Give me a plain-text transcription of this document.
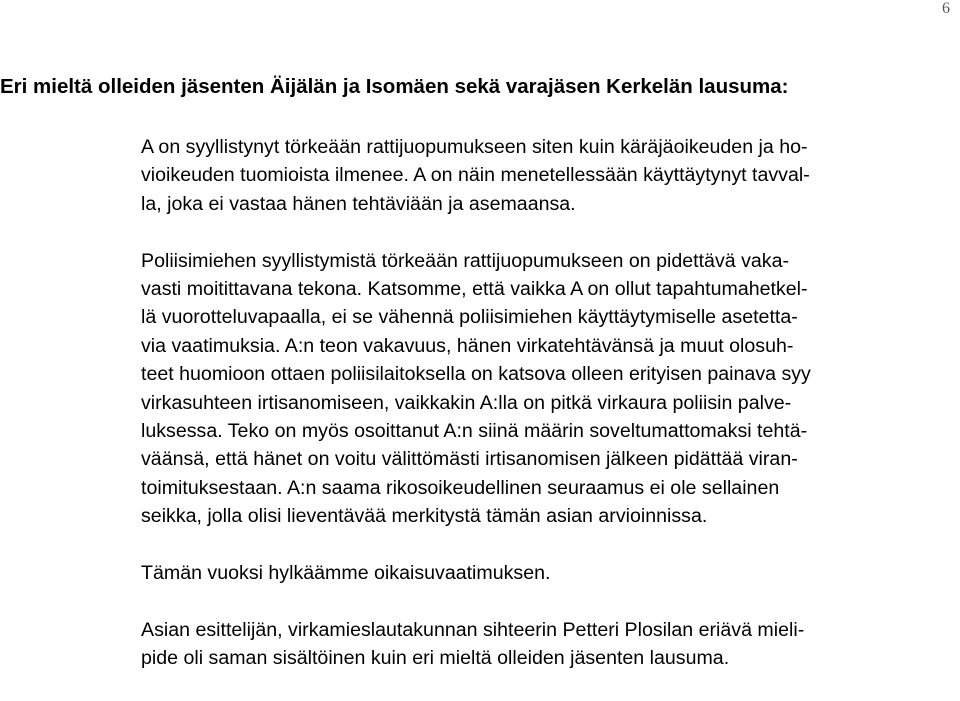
6
Eri mieltä olleiden jäsenten Äijälän ja Isomäen sekä varajäsen Kerkelän lausuma:

A on syyllistynyt törkeään rattijuopumukseen siten kuin käräjäoikeuden ja ho-
vioikeuden tuomioista ilmenee. A on näin menetellessään käyttäytynyt tavval-
la, joka ei vastaa hänen tehtäviään ja asemaansa.

Poliisimiehen syyllistymistä törkeään rattijuopumukseen on pidettävä vaka-
vasti moitittavana tekona. Katsomme, että vaikka A on ollut tapahtumahetkel-
lä vuorotteluvapaalla, ei se vähennä poliisimiehen käyttäytymiselle asetetta-
via vaatimuksia. A:n teon vakavuus, hänen virkatehtävänsä ja muut olosuh-
teet huomioon ottaen poliisilaitoksella on katsova olleen erityisen painava syy
virkasuhteen irtisanomiseen, vaikkakin A:lla on pitkä virkaura poliisin palve-
luksessa. Teko on myös osoittanut A:n siinä määrin soveltumattomaksi tehtä-
väänsä, että hänet on voitu välittömästi irtisanomisen jälkeen pidättää viran-
toimituksestaan. A:n saama rikosoikeudellinen seuraamus ei ole sellainen
seikka, jolla olisi lieventävää merkitystä tämän asian arvioinnissa.

Tämän vuoksi hylkäämme oikaisuvaatimuksen.

Asian esittelijän, virkamieslautakunnan sihteerin Petteri Plosilan eriävä mieli-
pide oli saman sisältöinen kuin eri mieltä olleiden jäsenten lausuma.
